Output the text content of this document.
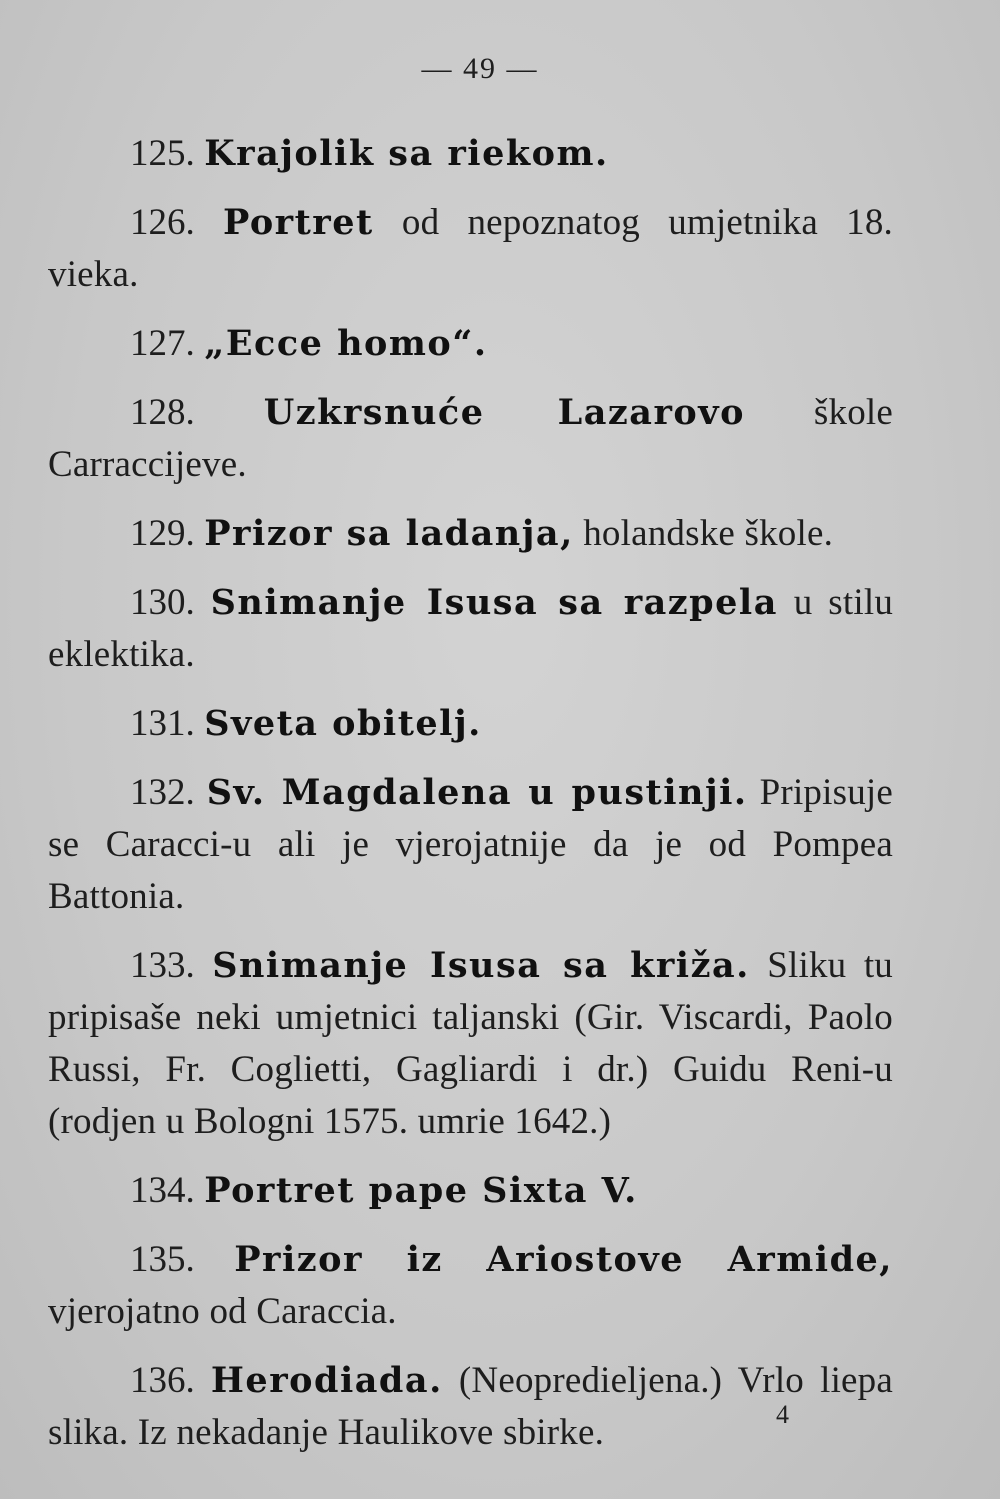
— 49 —

125. Krajolik sa riekom.

126. Portret od nepoznatog umjetnika 18. vieka.

127. „Ecce homo“.

128. Uzkrsnuće Lazarovo škole Carraccijeve.

129. Prizor sa ladanja, holandske škole.

130. Snimanje Isusa sa razpela u stilu eklektika.

131. Sveta obitelj.

132. Sv. Magdalena u pustinji. Pripisuje se Caracci-u ali je vjerojatnije da je od Pompea Battonia.

133. Snimanje Isusa sa križa. Sliku tu pripisaše neki umjetnici taljanski (Gir. Viscardi, Paolo Russi, Fr. Coglietti, Gagliardi i dr.) Guidu Reni-u (rodjen u Bologni 1575. umrie 1642.)

134. Portret pape Sixta V.

135. Prizor iz Ariostove Armide, vjerojatno od Caraccia.

136. Herodiada. (Neopredieljena.) Vrlo liepa slika. Iz nekadanje Haulikove sbirke.	4
